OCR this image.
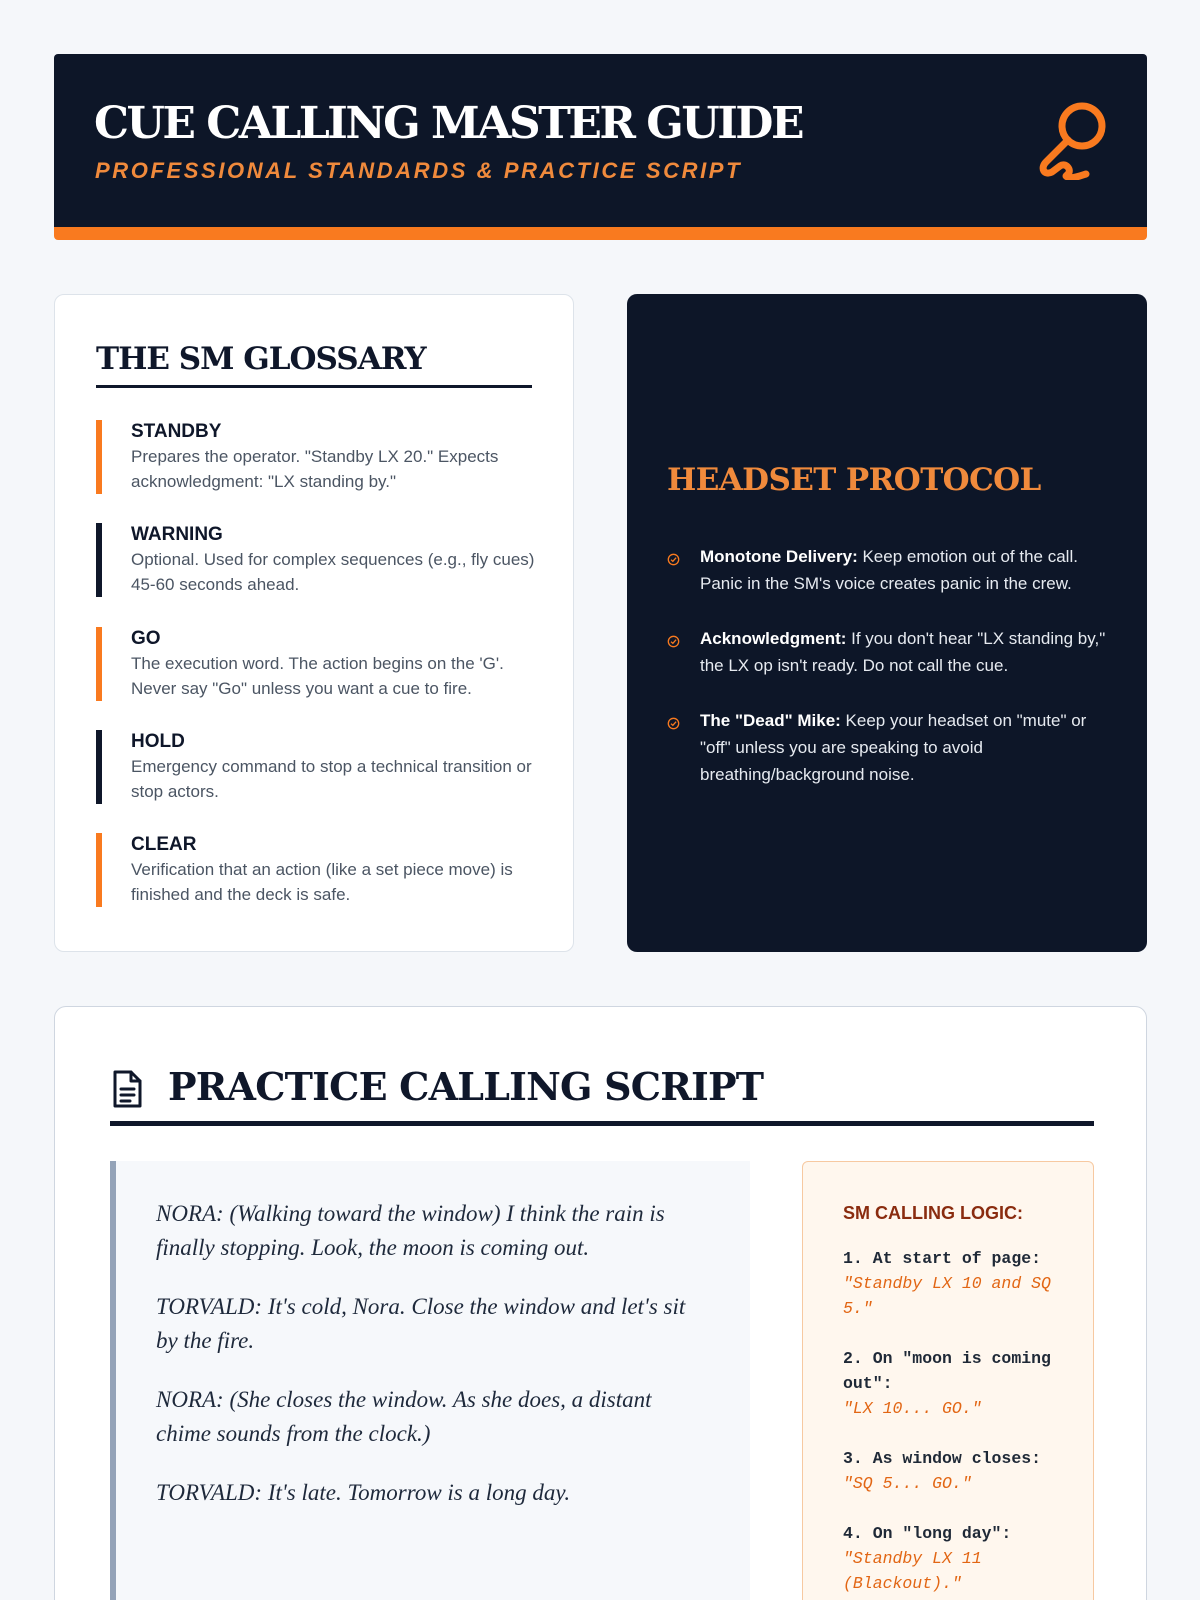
CUE CALLING MASTER GUIDE
PROFESSIONAL STANDARDS & PRACTICE SCRIPT
THE SM GLOSSARY
STANDBY
Prepares the operator. "Standby LX 20." Expects acknowledgment: "LX standing by."
WARNING
Optional. Used for complex sequences (e.g., fly cues) 45-60 seconds ahead.
GO
The execution word. The action begins on the 'G'. Never say "Go" unless you want a cue to fire.
HOLD
Emergency command to stop a technical transition or stop actors.
CLEAR
Verification that an action (like a set piece move) is finished and the deck is safe.
HEADSET PROTOCOL
Monotone Delivery: Keep emotion out of the call. Panic in the SM's voice creates panic in the crew.
Acknowledgment: If you don't hear "LX standing by," the LX op isn't ready. Do not call the cue.
The "Dead" Mike: Keep your headset on "mute" or "off" unless you are speaking to avoid breathing/background noise.
PRACTICE CALLING SCRIPT

NORA: (Walking toward the window) I think the rain is finally stopping. Look, the moon is coming out.

TORVALD: It's cold, Nora. Close the window and let's sit by the fire.

NORA: (She closes the window. As she does, a distant chime sounds from the clock.)

TORVALD: It's late. Tomorrow is a long day.

SM CALLING LOGIC:
1. At start of page:
"Standby LX 10 and SQ 5."
2. On "moon is coming out":
"LX 10... GO."
3. As window closes:
"SQ 5... GO."
4. On "long day":
"Standby LX 11 (Blackout)."
